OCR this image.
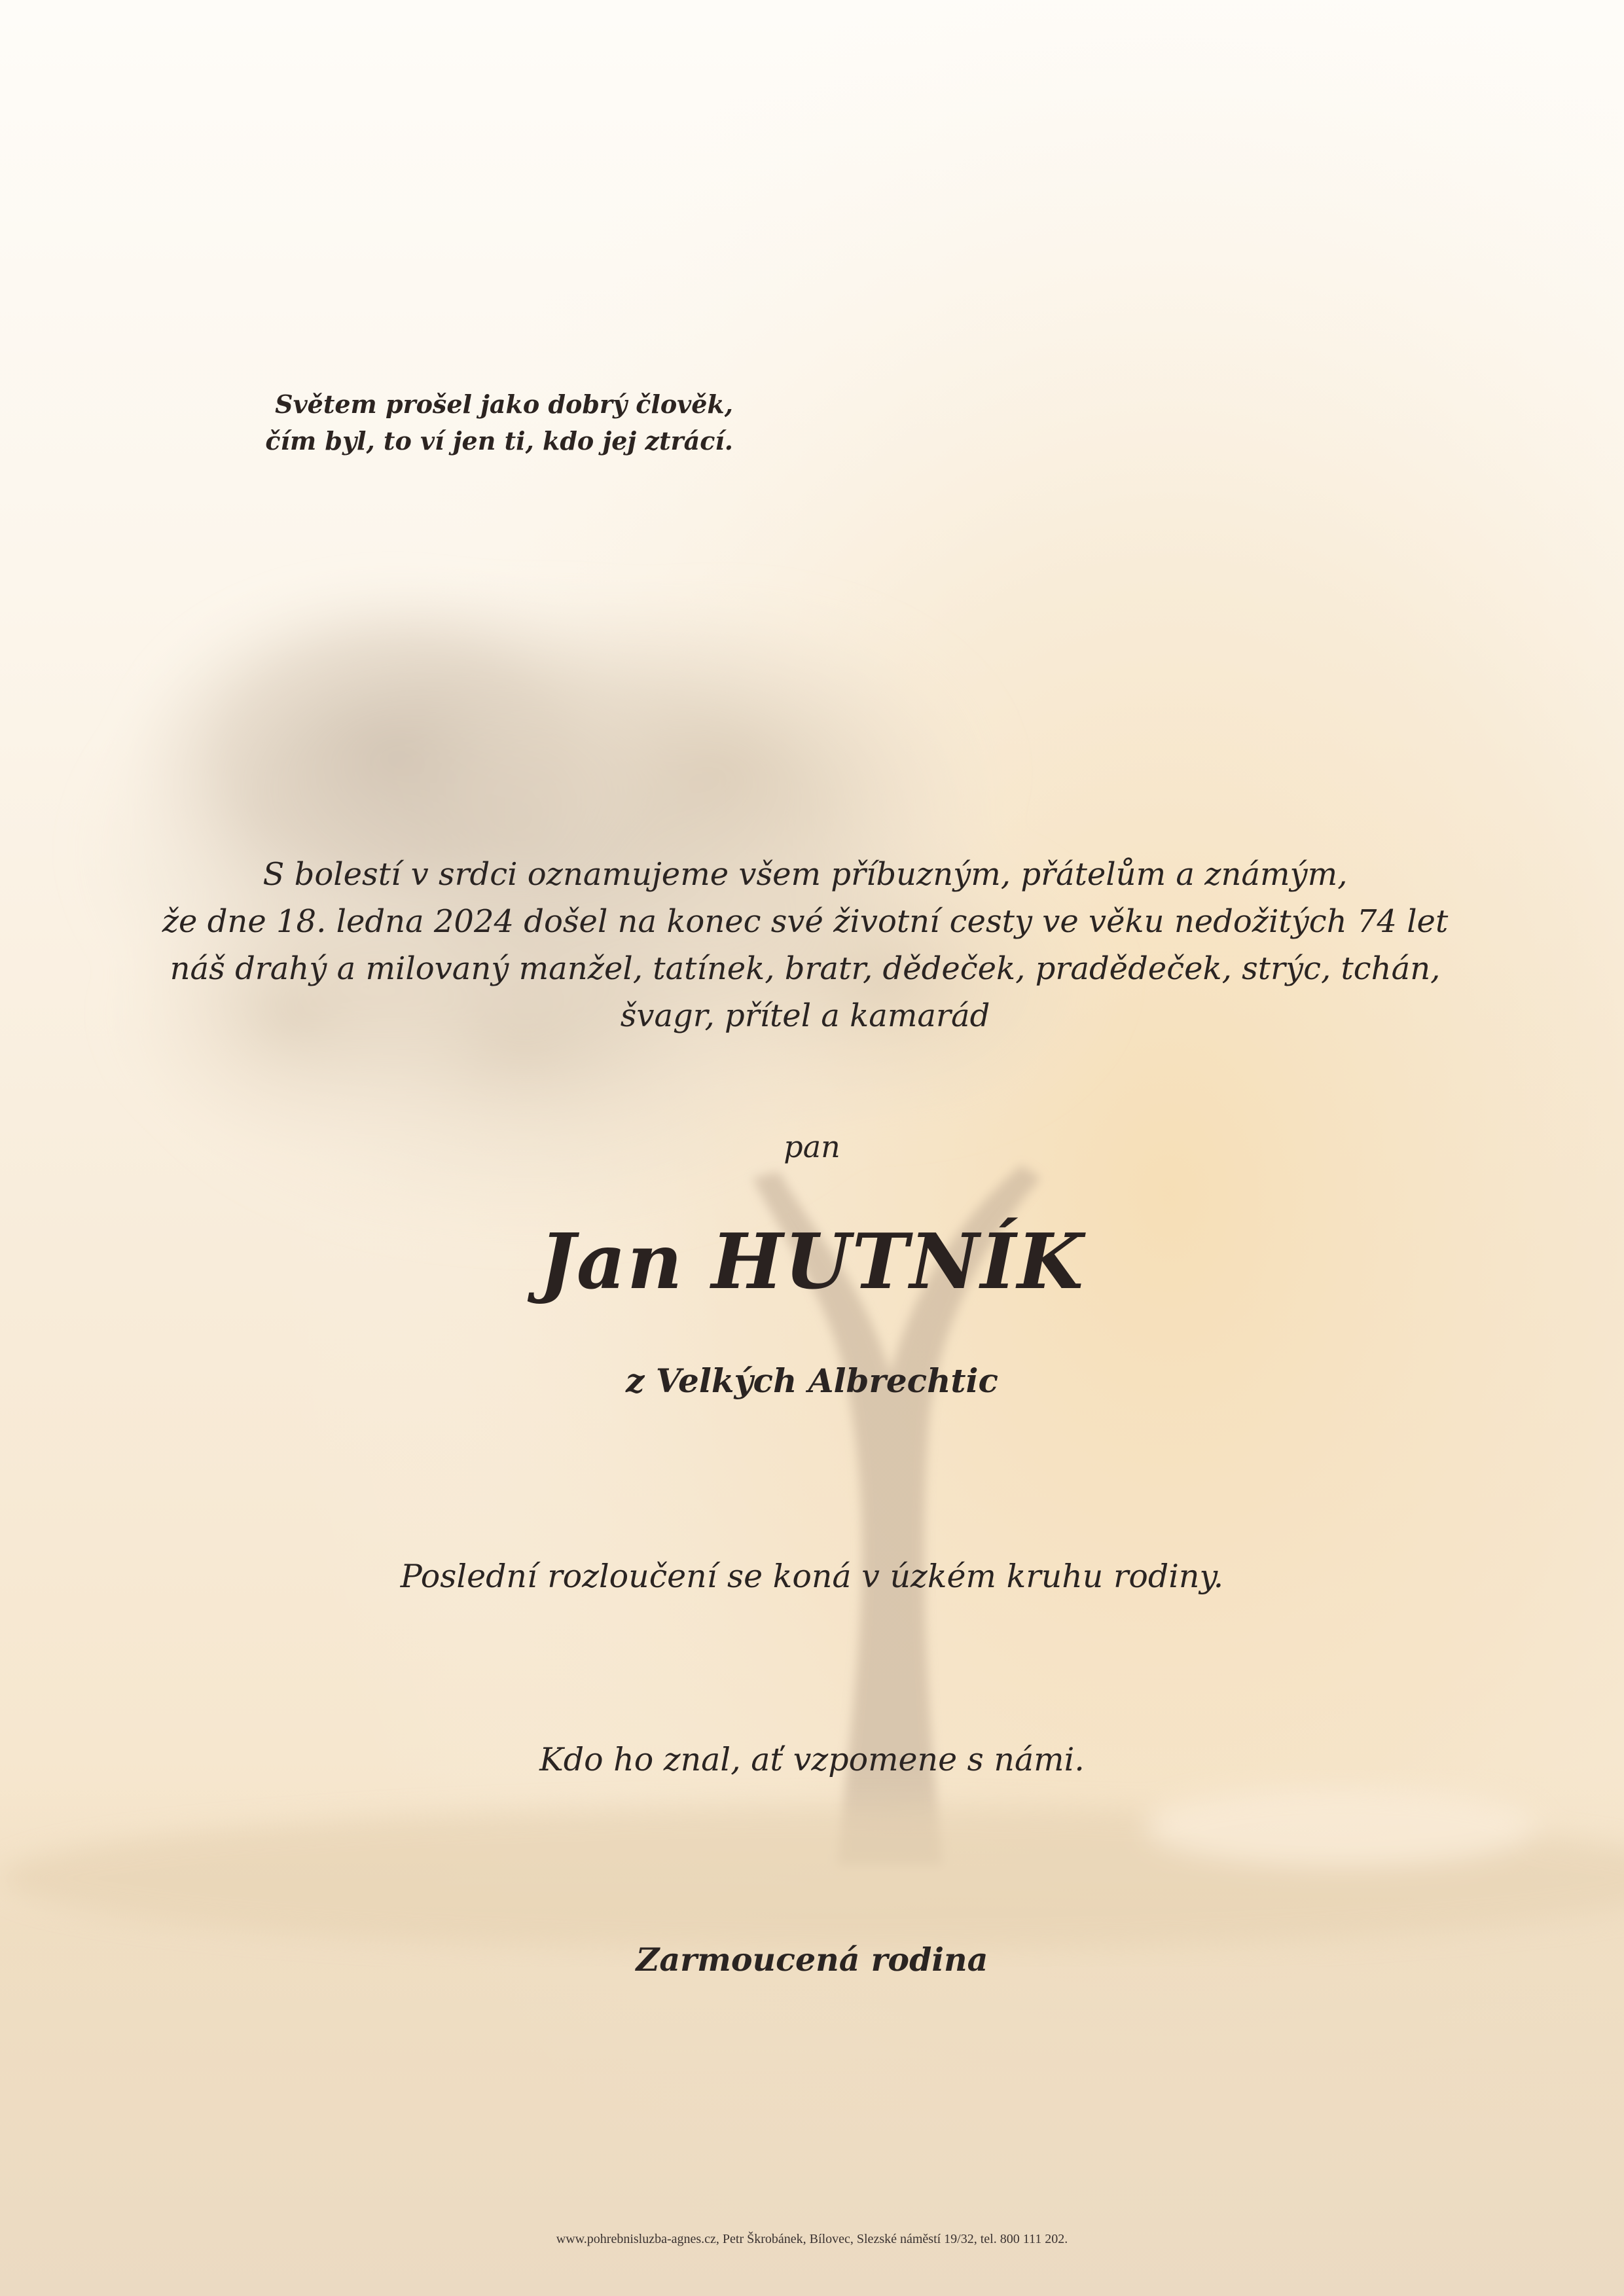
Světem prošel jako dobrý člověk,
čím byl, to ví jen ti, kdo jej ztrácí.
S bolestí v srdci oznamujeme všem příbuzným, přátelům a známým,
že dne 18. ledna 2024 došel na konec své životní cesty ve věku nedožitých 74 let
náš drahý a milovaný manžel, tatínek, bratr, dědeček, pradědeček, strýc, tchán,
švagr, přítel a kamarád
pan
Jan HUTNÍK
z Velkých Albrechtic
Poslední rozloučení se koná v úzkém kruhu rodiny.
Kdo ho znal, ať vzpomene s námi.
Zarmoucená rodina
www.pohrebnisluzba-agnes.cz, Petr Škrobánek, Bílovec, Slezské náměstí 19/32, tel. 800 111 202.
